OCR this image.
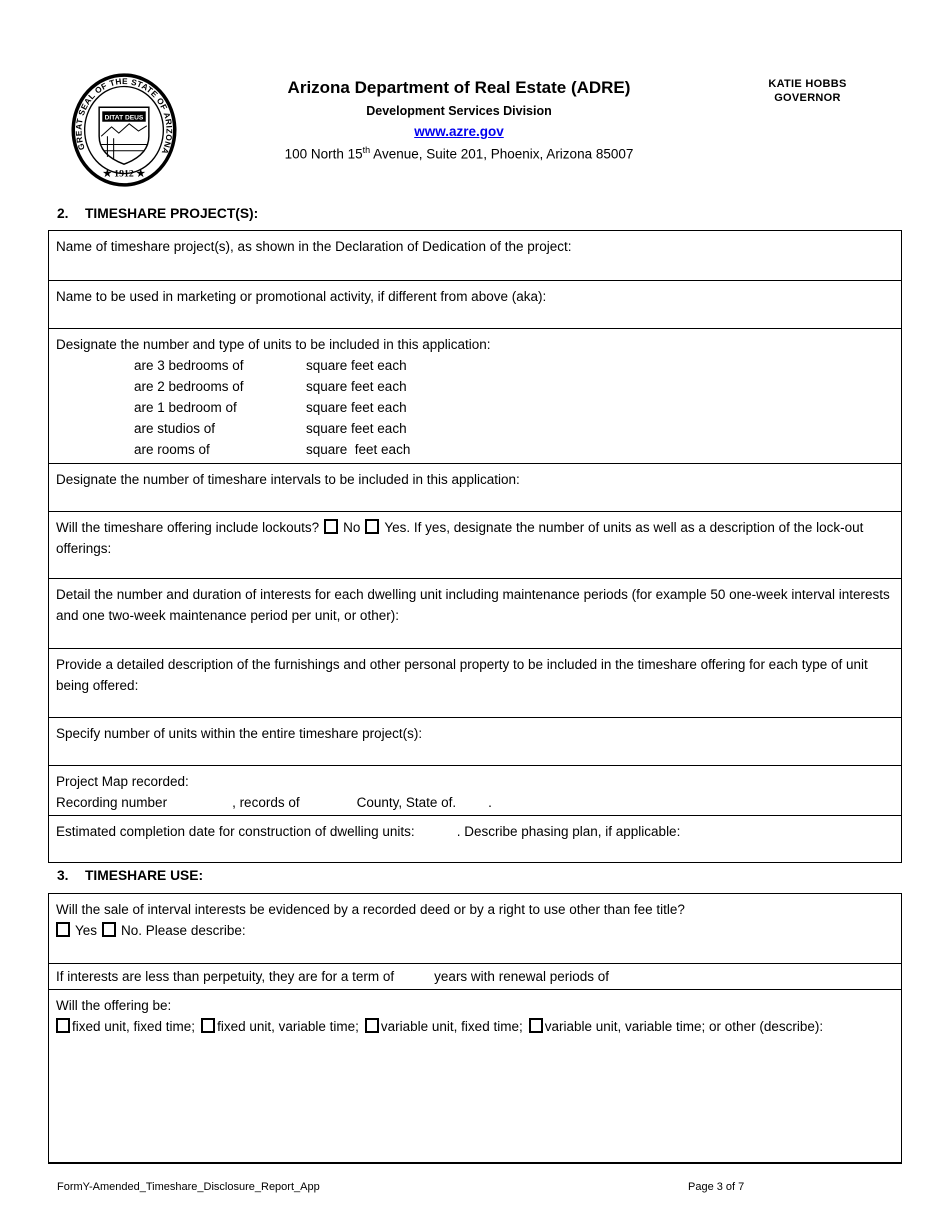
GREAT SEAL OF THE STATE OF ARIZONA
DITAT DEUS
★ 1912 ★
Arizona Department of Real Estate (ADRE)
Development Services Division
www.azre.gov
100 North 15th Avenue, Suite 201, Phoenix, Arizona 85007
KATIE HOBBS
GOVERNOR
2. TIMESHARE PROJECT(S):
Name of timeshare project(s), as shown in the Declaration of Dedication of the project:
Name to be used in marketing or promotional activity, if different from above (aka):
Designate the number and type of units to be included in this application:
are 3 bedrooms of	square feet each
are 2 bedrooms of	square feet each
are 1 bedroom of	square feet each
are studios of	square feet each
are rooms of	square  feet each
Designate the number of timeshare intervals to be included in this application:
Will the timeshare offering include lockouts? No Yes. If yes, designate the number of units as well as a description of the lock-out offerings:
Detail the number and duration of interests for each dwelling unit including maintenance periods (for example 50 one-week interval interests and one two-week maintenance period per unit, or other):
Provide a detailed description of the furnishings and other personal property to be included in the timeshare offering for each type of unit being offered:
Specify number of units within the entire timeshare project(s):
Project Map recorded:
Recording number	, records of	County, State of. .
Estimated completion date for construction of dwelling units:	. Describe phasing plan, if applicable:
3. TIMESHARE USE:
Will the sale of interval interests be evidenced by a recorded deed or by a right to use other than fee title?
Yes No. Please describe:
If interests are less than perpetuity, they are for a term of	years with renewal periods of
Will the offering be:
fixed unit, fixed time; fixed unit, variable time; variable unit, fixed time; variable unit, variable time; or other (describe):
FormY-Amended_Timeshare_Disclosure_Report_App	Page 3 of 7
